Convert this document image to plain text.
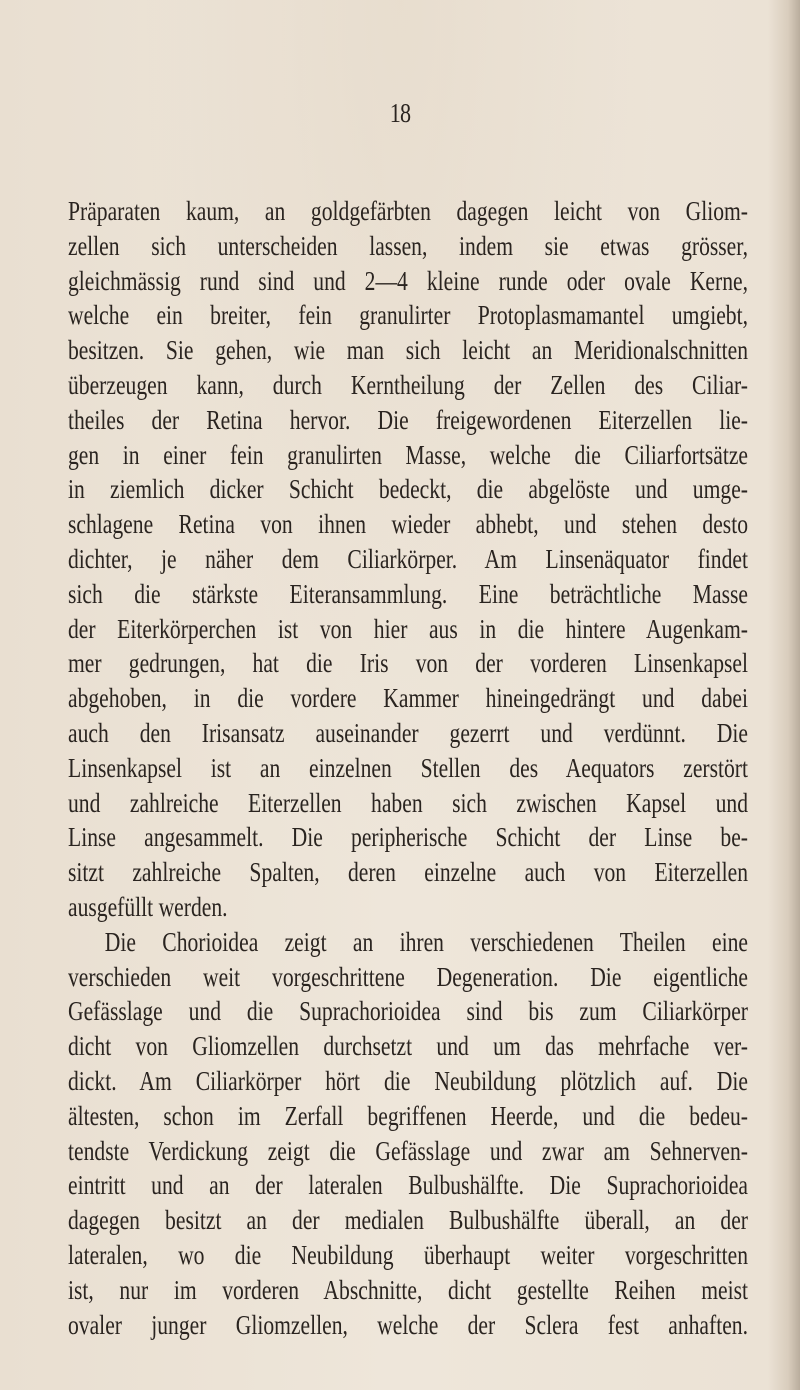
18
Präparaten kaum, an goldgefärbten dagegen leicht von Gliom-
zellen sich unterscheiden lassen, indem sie etwas grösser,
gleichmässig rund sind und 2—4 kleine runde oder ovale Kerne,
welche ein breiter, fein granulirter Protoplasmamantel umgiebt,
besitzen. Sie gehen, wie man sich leicht an Meridionalschnitten
überzeugen kann, durch Kerntheilung der Zellen des Ciliar-
theiles der Retina hervor. Die freigewordenen Eiterzellen lie-
gen in einer fein granulirten Masse, welche die Ciliarfortsätze
in ziemlich dicker Schicht bedeckt, die abgelöste und umge-
schlagene Retina von ihnen wieder abhebt, und stehen desto
dichter, je näher dem Ciliarkörper. Am Linsenäquator findet
sich die stärkste Eiteransammlung. Eine beträchtliche Masse
der Eiterkörperchen ist von hier aus in die hintere Augenkam-
mer gedrungen, hat die Iris von der vorderen Linsenkapsel
abgehoben, in die vordere Kammer hineingedrängt und dabei
auch den Irisansatz auseinander gezerrt und verdünnt. Die
Linsenkapsel ist an einzelnen Stellen des Aequators zerstört
und zahlreiche Eiterzellen haben sich zwischen Kapsel und
Linse angesammelt. Die peripherische Schicht der Linse be-
sitzt zahlreiche Spalten, deren einzelne auch von Eiterzellen
ausgefüllt werden.
Die Chorioidea zeigt an ihren verschiedenen Theilen eine
verschieden weit vorgeschrittene Degeneration. Die eigentliche
Gefässlage und die Suprachorioidea sind bis zum Ciliarkörper
dicht von Gliomzellen durchsetzt und um das mehrfache ver-
dickt. Am Ciliarkörper hört die Neubildung plötzlich auf. Die
ältesten, schon im Zerfall begriffenen Heerde, und die bedeu-
tendste Verdickung zeigt die Gefässlage und zwar am Sehnerven-
eintritt und an der lateralen Bulbushälfte. Die Suprachorioidea
dagegen besitzt an der medialen Bulbushälfte überall, an der
lateralen, wo die Neubildung überhaupt weiter vorgeschritten
ist, nur im vorderen Abschnitte, dicht gestellte Reihen meist
ovaler junger Gliomzellen, welche der Sclera fest anhaften.
